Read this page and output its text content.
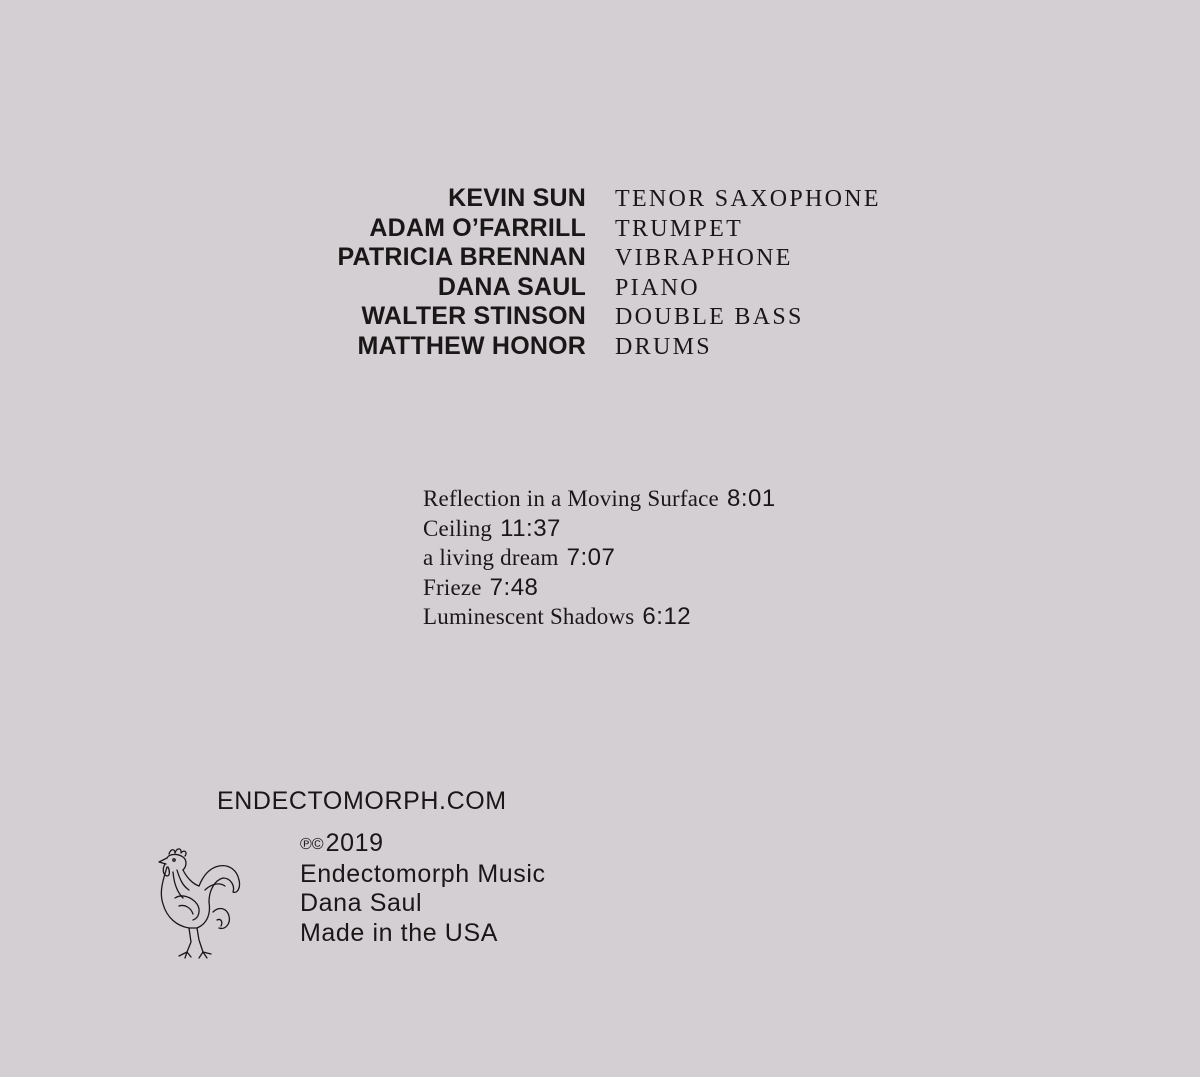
KEVIN SUN TENOR SAXOPHONE
ADAM O’FARRILL TRUMPET
PATRICIA BRENNAN VIBRAPHONE
DANA SAUL PIANO
WALTER STINSON DOUBLE BASS
MATTHEW HONOR DRUMS
Reflection in a Moving Surface 8:01
Ceiling 11:37
a living dream 7:07
Frieze 7:48
Luminescent Shadows 6:12
ENDECTOMORPH.COM
℗©2019
Endectomorph Music
Dana Saul
Made in the USA
